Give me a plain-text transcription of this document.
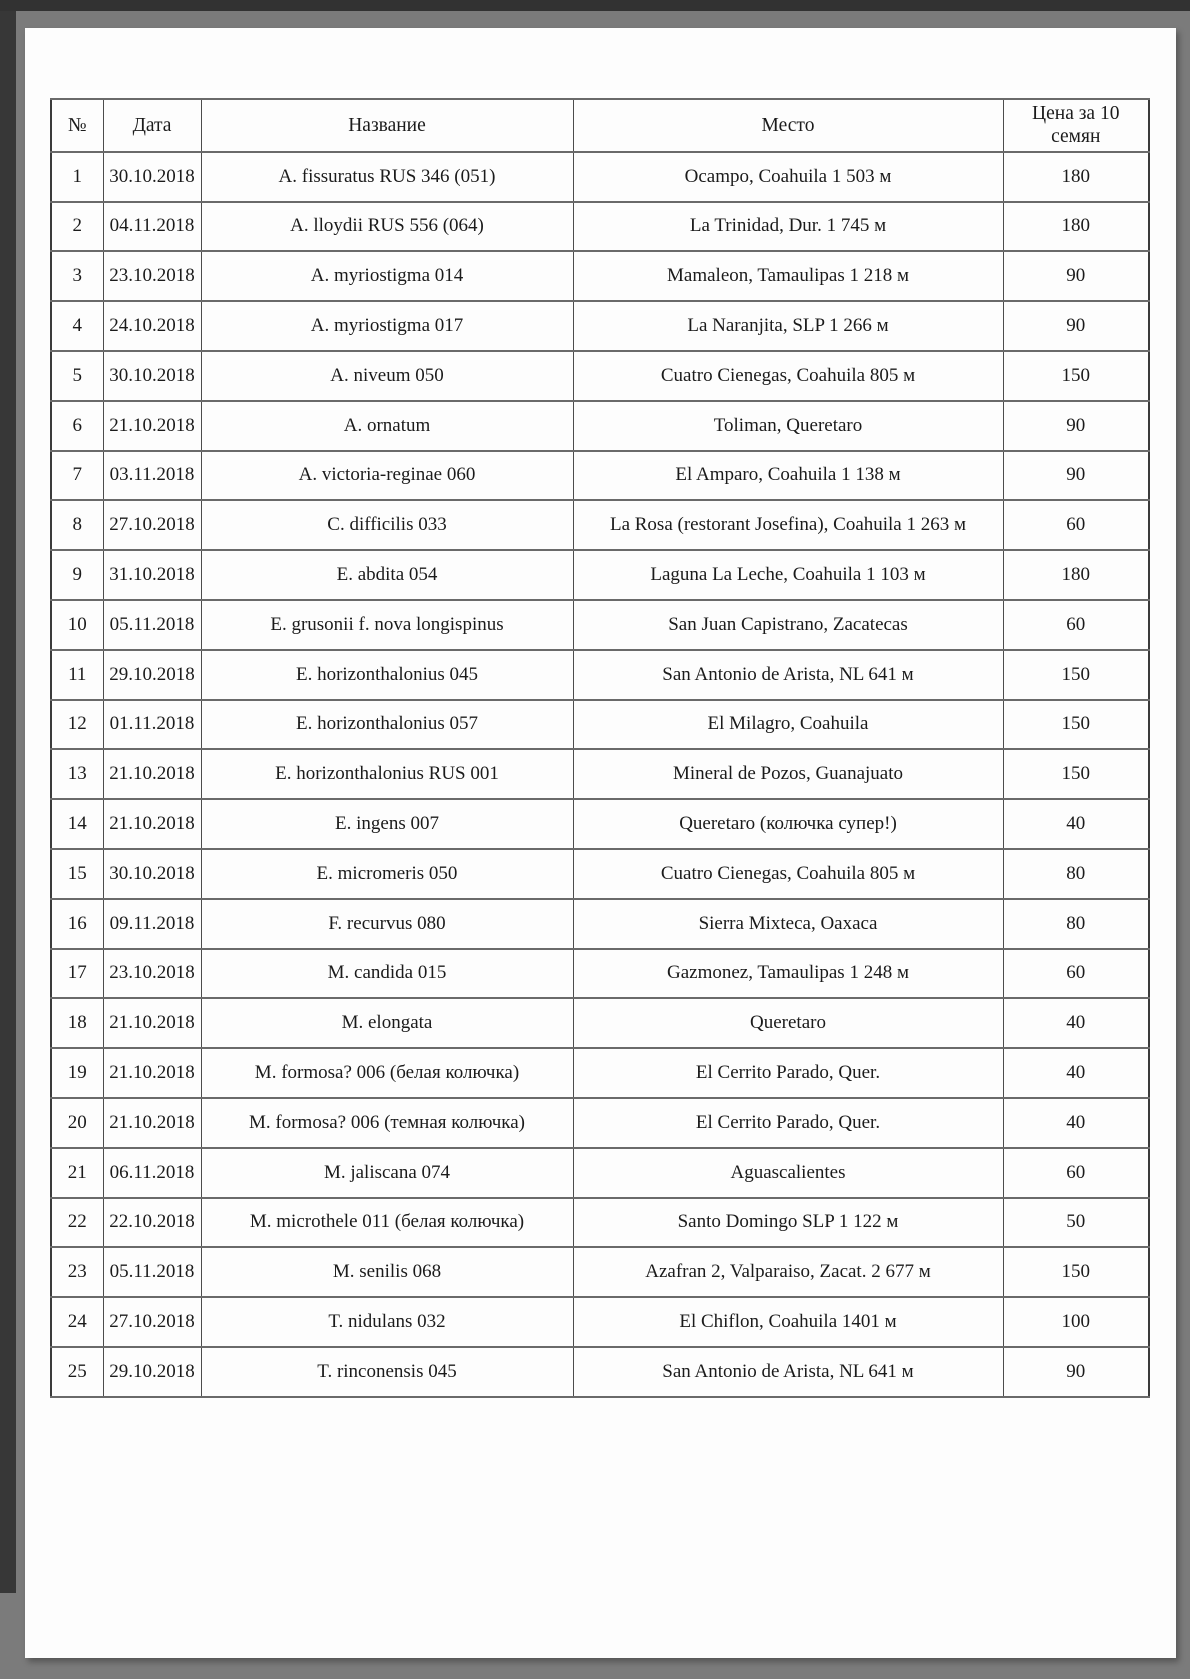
№	Дата	Название	Место	Цена за 10 семян
1	30.10.2018	A. fissuratus RUS 346 (051)	Ocampo, Coahuila 1 503 м	180
2	04.11.2018	A. lloydii RUS 556 (064)	La Trinidad, Dur. 1 745 м	180
3	23.10.2018	A. myriostigma 014	Mamaleon, Tamaulipas 1 218 м	90
4	24.10.2018	A. myriostigma 017	La Naranjita, SLP 1 266 м	90
5	30.10.2018	A. niveum 050	Cuatro Cienegas, Coahuila 805 м	150
6	21.10.2018	A. ornatum	Toliman, Queretaro	90
7	03.11.2018	A. victoria-reginae 060	El Amparo, Coahuila 1 138 м	90
8	27.10.2018	C. difficilis 033	La Rosa (restorant Josefina), Coahuila 1 263 м	60
9	31.10.2018	E. abdita 054	Laguna La Leche, Coahuila 1 103 м	180
10	05.11.2018	E. grusonii f. nova longispinus	San Juan Capistrano, Zacatecas	60
11	29.10.2018	E. horizonthalonius 045	San Antonio de Arista, NL 641 м	150
12	01.11.2018	E. horizonthalonius 057	El Milagro, Coahuila	150
13	21.10.2018	E. horizonthalonius RUS 001	Mineral de Pozos, Guanajuato	150
14	21.10.2018	E. ingens 007	Queretaro (колючка супер!)	40
15	30.10.2018	E. micromeris 050	Cuatro Cienegas, Coahuila 805 м	80
16	09.11.2018	F. recurvus 080	Sierra Mixteca, Oaxaca	80
17	23.10.2018	M. candida 015	Gazmonez, Tamaulipas 1 248 м	60
18	21.10.2018	M. elongata	Queretaro	40
19	21.10.2018	M. formosa? 006 (белая колючка)	El Cerrito Parado, Quer.	40
20	21.10.2018	M. formosa? 006 (темная колючка)	El Cerrito Parado, Quer.	40
21	06.11.2018	M. jaliscana 074	Aguascalientes	60
22	22.10.2018	M. microthele 011 (белая колючка)	Santo Domingo SLP 1 122 м	50
23	05.11.2018	M. senilis 068	Azafran 2, Valparaiso, Zacat. 2 677 м	150
24	27.10.2018	T. nidulans 032	El Chiflon, Coahuila 1401 м	100
25	29.10.2018	T. rinconensis 045	San Antonio de Arista, NL 641 м	90
